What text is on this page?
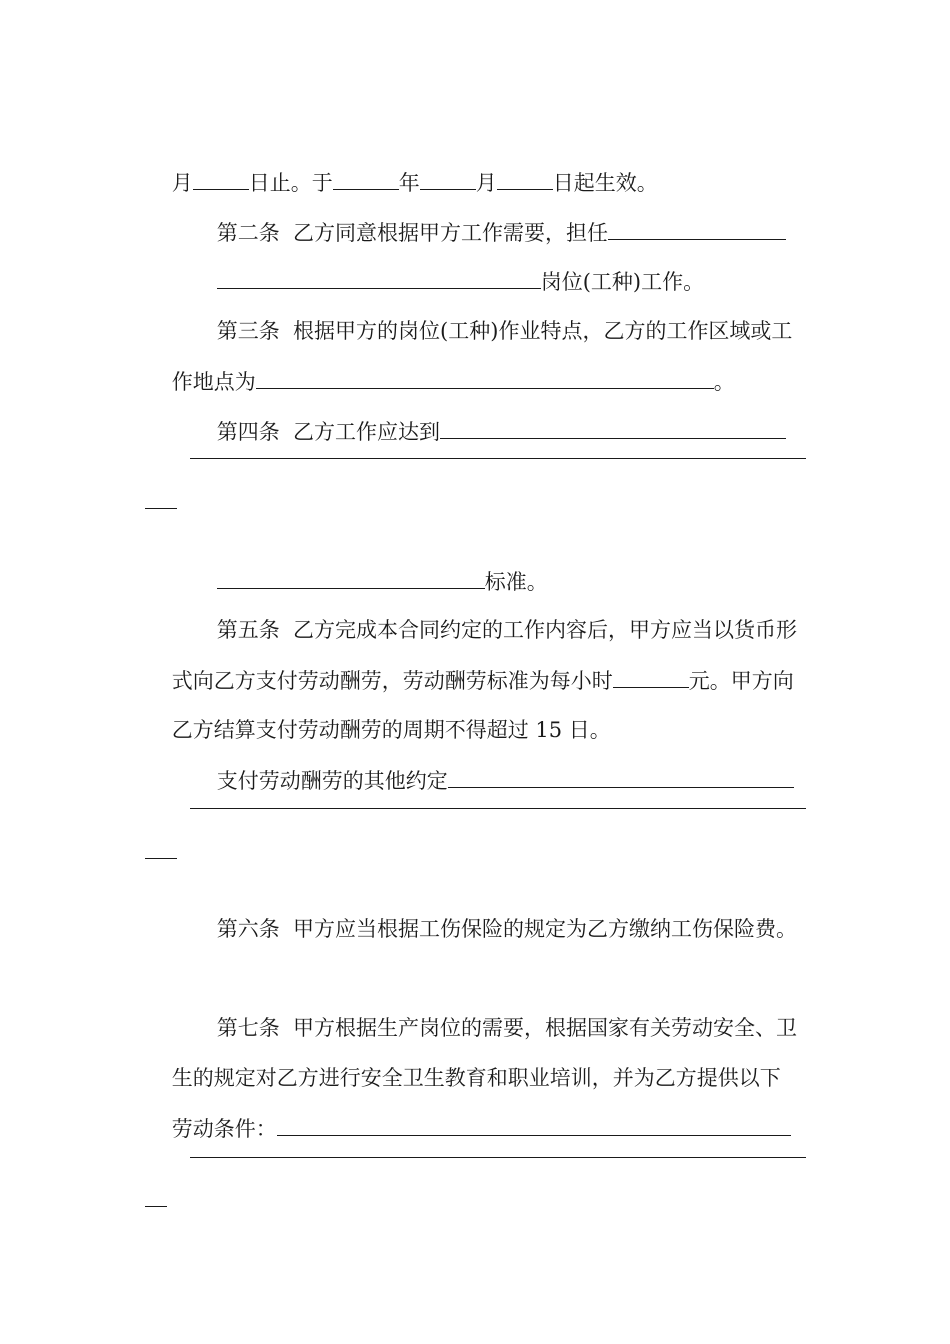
月	日止。于	年	月	日起生效。

第二条  乙方同意根据甲方工作需要，担任

岗位(工种)工作。

第三条  根据甲方的岗位(工种)作业特点，乙方的工作区域或工

作地点为	。

第四条  乙方工作应达到

标准。

第五条  乙方完成本合同约定的工作内容后，甲方应当以货币形

式向乙方支付劳动酬劳，劳动酬劳标准为每小时	元。甲方向

乙方结算支付劳动酬劳的周期不得超过 15 日。

支付劳动酬劳的其他约定

第六条  甲方应当根据工伤保险的规定为乙方缴纳工伤保险费。

第七条  甲方根据生产岗位的需要，根据国家有关劳动安全、卫

生的规定对乙方进行安全卫生教育和职业培训，并为乙方提供以下

劳动条件：
